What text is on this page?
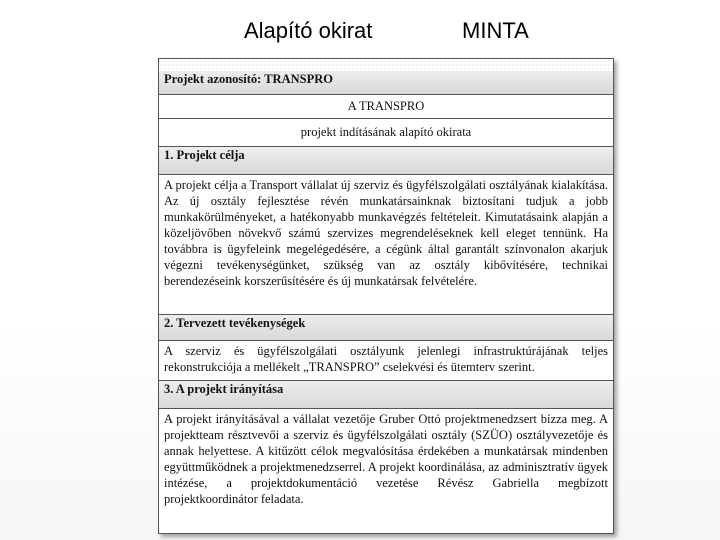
Alapító okirat	MINTA
Projekt azonosító: TRANSPRO
A TRANSPRO
projekt indításának alapító okirata
1. Projekt célja
A projekt célja a Transport vállalat új szerviz és ügyfélszolgálati osztályának kialakítása. Az új osztály fejlesztése révén munkatársainknak biztosítani tudjuk a jobb munkakörülményeket, a hatékonyabb munkavégzés feltételeit. Kimutatásaink alapján a közeljövőben növekvő számú szervizes megrendeléseknek kell eleget tennünk. Ha továbbra is ügyfeleink megelégedésére, a cégünk által garantált színvonalon akarjuk végezni tevékenységünket, szükség van az osztály kibővítésére, technikai berendezéseink korszerűsítésére és új munkatársak felvételére.
2. Tervezett tevékenységek
A szerviz és ügyfélszolgálati osztályunk jelenlegi infrastruktúrájának teljes rekonstrukciója a mellékelt „TRANSPRO” cselekvési és ütemterv szerint.
3. A projekt irányítása
A projekt irányításával a vállalat vezetője Gruber Ottó projektmenedzsert bízza meg. A projektteam résztvevői a szerviz és ügyfélszolgálati osztály (SZÜO) osztályvezetője és annak helyettese. A kitűzött célok megvalósítása érdekében a munkatársak mindenben együttműködnek a projektmenedzserrel. A projekt koordinálása, az adminisztratív ügyek intézése, a projektdokumentáció vezetése Révész Gabriella megbízott projektkoordinátor feladata.
